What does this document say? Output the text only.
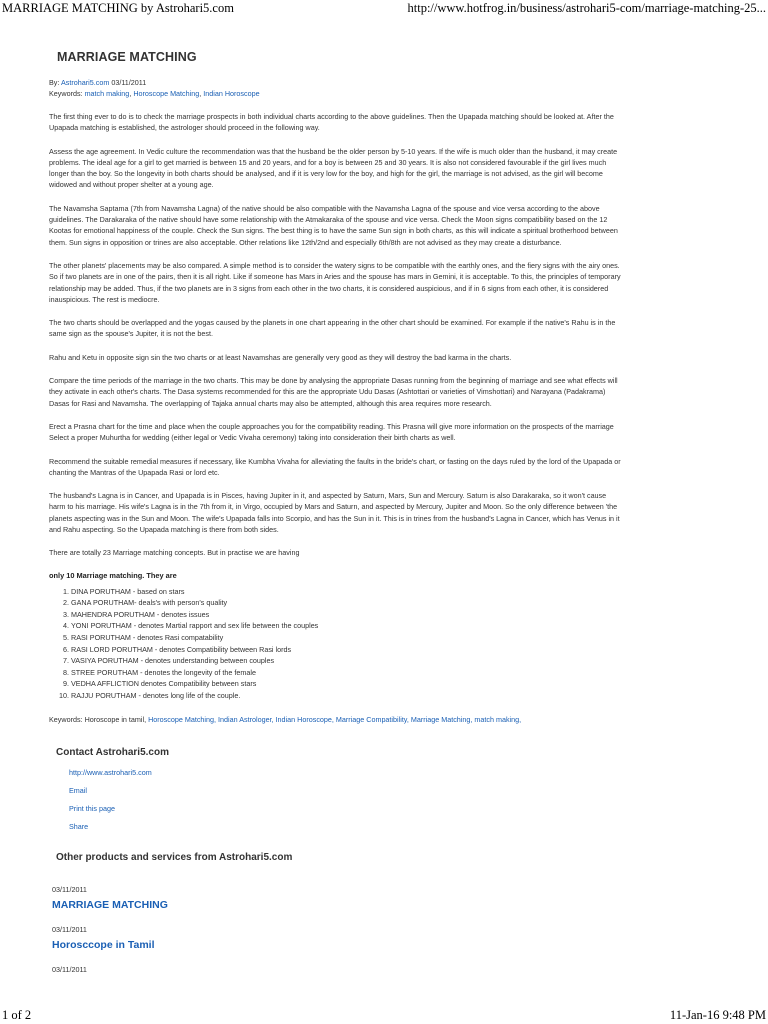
MARRIAGE MATCHING by Astrohari5.com	http://www.hotfrog.in/business/astrohari5-com/marriage-matching-25...
MARRIAGE MATCHING
By: Astrohari5.com 03/11/2011
Keywords: match making, Horoscope Matching, Indian Horoscope

The first thing ever to do is to check the marriage prospects in both individual charts according to the above guidelines. Then the Upapada matching should be looked at. After the
Upapada matching is established, the astrologer should proceed in the following way.

Assess the age agreement. In Vedic culture the recommendation was that the husband be the older person by 5-10 years. If the wife is much older than the husband, it may create
problems. The ideal age for a girl to get married is between 15 and 20 years, and for a boy is between 25 and 30 years. It is also not considered favourable if the girl lives much
longer than the boy. So the longevity in both charts should be analysed, and if it is very low for the boy, and high for the girl, the marriage is not advised, as the girl will become
widowed and without proper shelter at a young age.

The Navamsha Saptama (7th from Navamsha Lagna) of the native should be also compatible with the Navamsha Lagna of the spouse and vice versa according to the above
guidelines. The Darakaraka of the native should have some relationship with the Atmakaraka of the spouse and vice versa. Check the Moon signs compatibility based on the 12
Kootas for emotional happiness of the couple. Check the Sun signs. The best thing is to have the same Sun sign in both charts, as this will indicate a spiritual brotherhood between
them. Sun signs in opposition or trines are also acceptable. Other relations like 12th/2nd and especially 6th/8th are not advised as they may create a disturbance.

The other planets' placements may be also compared. A simple method is to consider the watery signs to be compatible with the earthly ones, and the fiery signs with the airy ones.
So if two planets are in one of the pairs, then it is all right. Like if someone has Mars in Aries and the spouse has mars in Gemini, it is acceptable. To this, the principles of temporary
relationship may be added. Thus, if the two planets are in 3 signs from each other in the two charts, it is considered auspicious, and if in 6 signs from each other, it is considered
inauspicious. The rest is mediocre.

The two charts should be overlapped and the yogas caused by the planets in one chart appearing in the other chart should be examined. For example if the native's Rahu is in the
same sign as the spouse's Jupiter, it is not the best.

Rahu and Ketu in opposite sign sin the two charts or at least Navamshas are generally very good as they will destroy the bad karma in the charts.

Compare the time periods of the marriage in the two charts. This may be done by analysing the appropriate Dasas running from the beginning of marriage and see what effects will
they activate in each other's charts. The Dasa systems recommended for this are the appropriate Udu Dasas (Ashtottari or varieties of Vimshottari) and Narayana (Padakrama)
Dasas for Rasi and Navamsha. The overlapping of Tajaka annual charts may also be attempted, although this area requires more research.

Erect a Prasna chart for the time and place when the couple approaches you for the compatibility reading. This Prasna will give more information on the prospects of the marriage
Select a proper Muhurtha for wedding (either legal or Vedic Vivaha ceremony) taking into consideration their birth charts as well.

Recommend the suitable remedial measures if necessary, like Kumbha Vivaha for alleviating the faults in the bride's chart, or fasting on the days ruled by the lord of the Upapada or
chanting the Mantras of the Upapada Rasi or lord etc.

The husband's Lagna is in Cancer, and Upapada is in Pisces, having Jupiter in it, and aspected by Saturn, Mars, Sun and Mercury. Saturn is also Darakaraka, so it won't cause
harm to his marriage. His wife's Lagna is in the 7th from it, in Virgo, occupied by Mars and Saturn, and aspected by Mercury, Jupiter and Moon. So the only difference between 'the
planets aspecting was in the Sun and Moon. The wife's Upapada falls into Scorpio, and has the Sun in it. This is in trines from the husband's Lagna in Cancer, which has Venus in it
and Rahu aspecting. So the Upapada matching is there from both sides.

There are totally 23 Marriage matching concepts. But in practise we are having

only 10 Marriage matching. They are
1. DINA PORUTHAM - based on stars
2. GANA PORUTHAM- deals's with person's quality
3. MAHENDRA PORUTHAM - denotes issues
4. YONI PORUTHAM - denotes Martial rapport and sex life between the couples
5. RASI PORUTHAM - denotes Rasi compatability
6. RASI LORD PORUTHAM - denotes Compatibility between Rasi lords
7. VASIYA PORUTHAM - denotes understanding between couples
8. STREE PORUTHAM - denotes the longevity of the female
9. VEDHA AFFLICTION denotes Compatibility between stars
10. RAJJU PORUTHAM - denotes long life of the couple.
Keywords: Horoscope in tamil, Horoscope Matching, Indian Astrologer, Indian Horoscope, Marriage Compatibility, Marriage Matching, match making,
Contact Astrohari5.com
http://www.astrohari5.com
Email
Print this page
Share
Other products and services from Astrohari5.com
03/11/2011
MARRIAGE MATCHING
03/11/2011
Horosccope in Tamil
03/11/2011
1 of 2	11-Jan-16 9:48 PM
